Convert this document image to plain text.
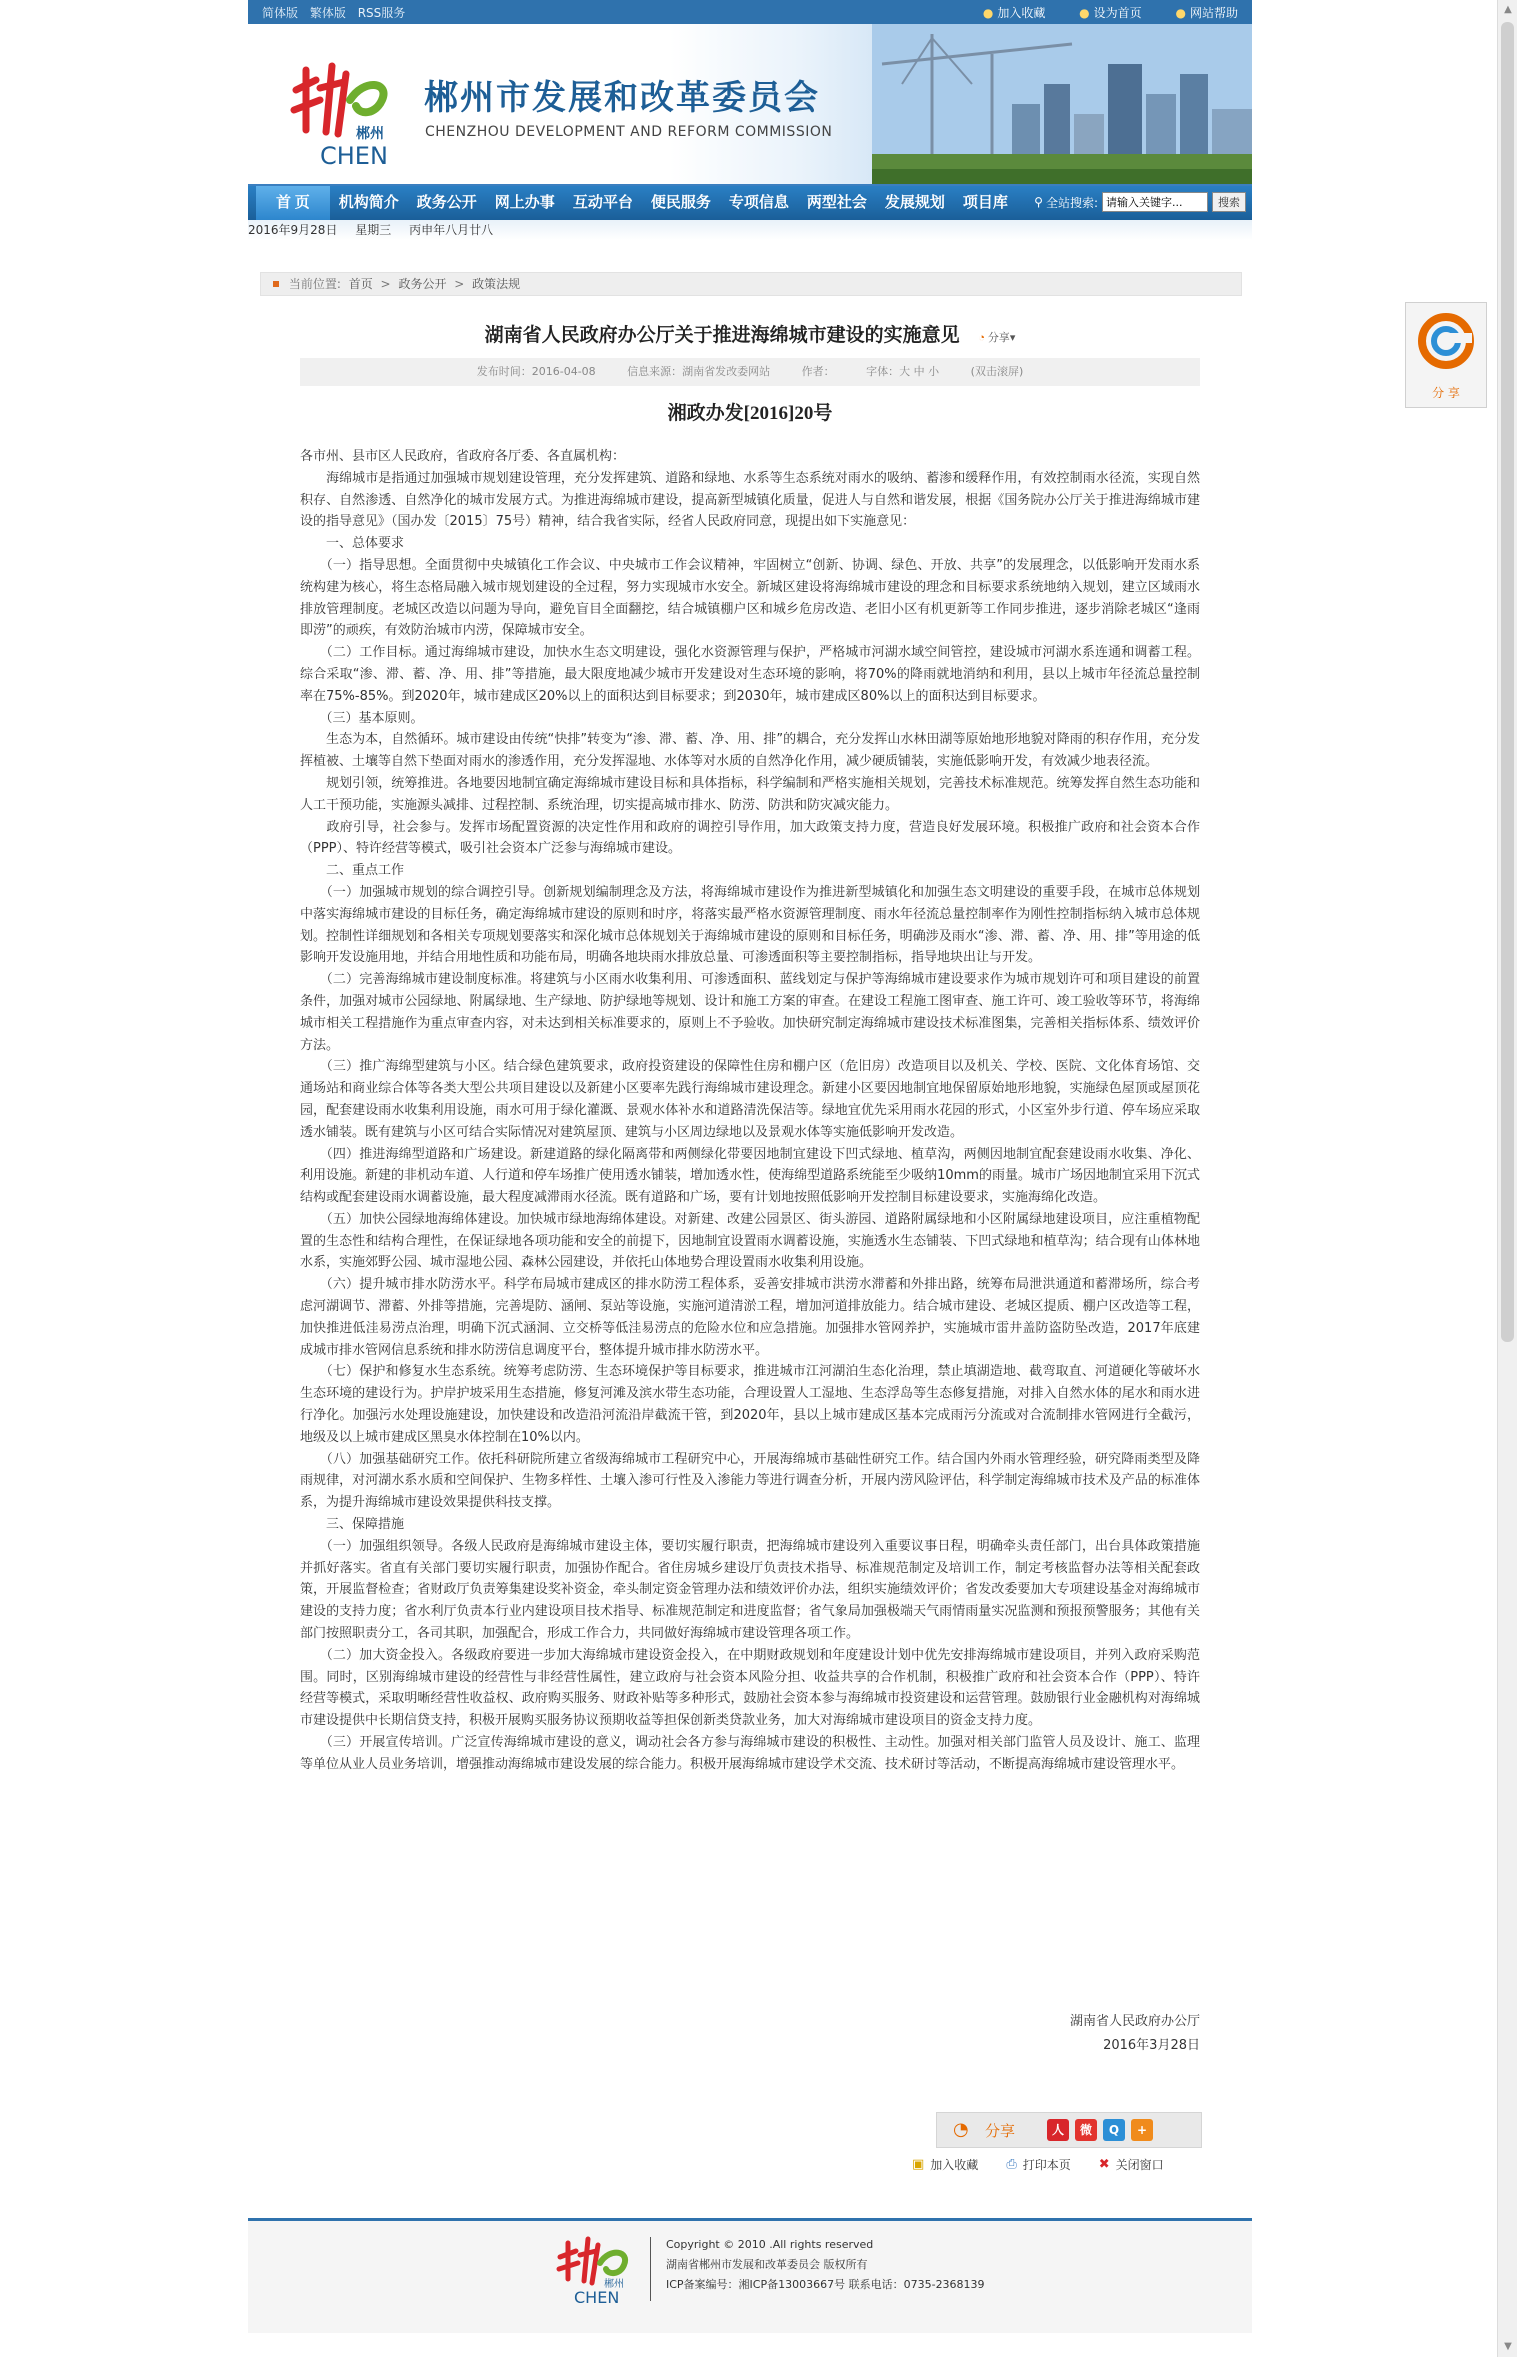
简体版 繁体版 RSS服务	● 加入收藏	● 设为首页	● 网站帮助
郴州
CHEN
郴州市发展和改革委员会
CHENZHOU DEVELOPMENT AND REFORM COMMISSION
首 页	机构简介	政务公开	网上办事	互动平台	便民服务	专项信息	两型社会	发展规划	项目库	⚲ 全站搜索:
请输入关键字...	搜索
2016年9月28日 星期三 丙申年八月廿八
当前位置: 首页 > 政务公开 > 政策法规
湖南省人民政府办公厅关于推进海绵城市建设的实施意见 ◔ 分享▾
发布时间：2016-04-08	信息来源：湖南省发改委网站	作者：	字体：大 中 小	(双击滚屏)
湘政办发[2016]20号

各市州、县市区人民政府，省政府各厅委、各直属机构：

　　海绵城市是指通过加强城市规划建设管理，充分发挥建筑、道路和绿地、水系等生态系统对雨水的吸纳、蓄渗和缓释作用，有效控制雨水径流，实现自然积存、自然渗透、自然净化的城市发展方式。为推进海绵城市建设，提高新型城镇化质量，促进人与自然和谐发展，根据《国务院办公厅关于推进海绵城市建设的指导意见》（国办发〔2015〕75号）精神，结合我省实际，经省人民政府同意，现提出如下实施意见：

　　一、总体要求

　　（一）指导思想。全面贯彻中央城镇化工作会议、中央城市工作会议精神，牢固树立“创新、协调、绿色、开放、共享”的发展理念，以低影响开发雨水系统构建为核心，将生态格局融入城市规划建设的全过程，努力实现城市水安全。新城区建设将海绵城市建设的理念和目标要求系统地纳入规划，建立区域雨水排放管理制度。老城区改造以问题为导向，避免盲目全面翻挖，结合城镇棚户区和城乡危房改造、老旧小区有机更新等工作同步推进，逐步消除老城区“逢雨即涝”的顽疾，有效防治城市内涝，保障城市安全。

　　（二）工作目标。通过海绵城市建设，加快水生态文明建设，强化水资源管理与保护，严格城市河湖水域空间管控，建设城市河湖水系连通和调蓄工程。综合采取“渗、滞、蓄、净、用、排”等措施，最大限度地减少城市开发建设对生态环境的影响，将70%的降雨就地消纳和利用，县以上城市年径流总量控制率在75%-85%。到2020年，城市建成区20%以上的面积达到目标要求；到2030年，城市建成区80%以上的面积达到目标要求。

　　（三）基本原则。

　　生态为本，自然循环。城市建设由传统“快排”转变为“渗、滞、蓄、净、用、排”的耦合，充分发挥山水林田湖等原始地形地貌对降雨的积存作用，充分发挥植被、土壤等自然下垫面对雨水的渗透作用，充分发挥湿地、水体等对水质的自然净化作用，减少硬质铺装，实施低影响开发，有效减少地表径流。

　　规划引领，统筹推进。各地要因地制宜确定海绵城市建设目标和具体指标，科学编制和严格实施相关规划，完善技术标准规范。统筹发挥自然生态功能和人工干预功能，实施源头减排、过程控制、系统治理，切实提高城市排水、防涝、防洪和防灾减灾能力。

　　政府引导，社会参与。发挥市场配置资源的决定性作用和政府的调控引导作用，加大政策支持力度，营造良好发展环境。积极推广政府和社会资本合作（PPP）、特许经营等模式，吸引社会资本广泛参与海绵城市建设。

　　二、重点工作

　　（一）加强城市规划的综合调控引导。创新规划编制理念及方法，将海绵城市建设作为推进新型城镇化和加强生态文明建设的重要手段，在城市总体规划中落实海绵城市建设的目标任务，确定海绵城市建设的原则和时序，将落实最严格水资源管理制度、雨水年径流总量控制率作为刚性控制指标纳入城市总体规划。控制性详细规划和各相关专项规划要落实和深化城市总体规划关于海绵城市建设的原则和目标任务，明确涉及雨水“渗、滞、蓄、净、用、排”等用途的低影响开发设施用地，并结合用地性质和功能布局，明确各地块雨水排放总量、可渗透面积等主要控制指标，指导地块出让与开发。

　　（二）完善海绵城市建设制度标准。将建筑与小区雨水收集利用、可渗透面积、蓝线划定与保护等海绵城市建设要求作为城市规划许可和项目建设的前置条件，加强对城市公园绿地、附属绿地、生产绿地、防护绿地等规划、设计和施工方案的审查。在建设工程施工图审查、施工许可、竣工验收等环节，将海绵城市相关工程措施作为重点审查内容，对未达到相关标准要求的，原则上不予验收。加快研究制定海绵城市建设技术标准图集，完善相关指标体系、绩效评价方法。

　　（三）推广海绵型建筑与小区。结合绿色建筑要求，政府投资建设的保障性住房和棚户区（危旧房）改造项目以及机关、学校、医院、文化体育场馆、交通场站和商业综合体等各类大型公共项目建设以及新建小区要率先践行海绵城市建设理念。新建小区要因地制宜地保留原始地形地貌，实施绿色屋顶或屋顶花园，配套建设雨水收集利用设施，雨水可用于绿化灌溉、景观水体补水和道路清洗保洁等。绿地宜优先采用雨水花园的形式，小区室外步行道、停车场应采取透水铺装。既有建筑与小区可结合实际情况对建筑屋顶、建筑与小区周边绿地以及景观水体等实施低影响开发改造。

　　（四）推进海绵型道路和广场建设。新建道路的绿化隔离带和两侧绿化带要因地制宜建设下凹式绿地、植草沟，两侧因地制宜配套建设雨水收集、净化、利用设施。新建的非机动车道、人行道和停车场推广使用透水铺装，增加透水性，使海绵型道路系统能至少吸纳10mm的雨量。城市广场因地制宜采用下沉式结构或配套建设雨水调蓄设施，最大程度减滞雨水径流。既有道路和广场，要有计划地按照低影响开发控制目标建设要求，实施海绵化改造。

　　（五）加快公园绿地海绵体建设。加快城市绿地海绵体建设。对新建、改建公园景区、街头游园、道路附属绿地和小区附属绿地建设项目，应注重植物配置的生态性和结构合理性，在保证绿地各项功能和安全的前提下，因地制宜设置雨水调蓄设施，实施透水生态铺装、下凹式绿地和植草沟；结合现有山体林地水系，实施郊野公园、城市湿地公园、森林公园建设，并依托山体地势合理设置雨水收集利用设施。

　　（六）提升城市排水防涝水平。科学布局城市建成区的排水防涝工程体系，妥善安排城市洪涝水滞蓄和外排出路，统筹布局泄洪通道和蓄滞场所，综合考虑河湖调节、滞蓄、外排等措施，完善堤防、涵闸、泵站等设施，实施河道清淤工程，增加河道排放能力。结合城市建设、老城区提质、棚户区改造等工程，加快推进低洼易涝点治理，明确下沉式涵洞、立交桥等低洼易涝点的危险水位和应急措施。加强排水管网养护，实施城市雷井盖防盗防坠改造，2017年底建成城市排水管网信息系统和排水防涝信息调度平台，整体提升城市排水防涝水平。

　　（七）保护和修复水生态系统。统筹考虑防涝、生态环境保护等目标要求，推进城市江河湖泊生态化治理，禁止填湖造地、截弯取直、河道硬化等破坏水生态环境的建设行为。护岸护坡采用生态措施，修复河滩及滨水带生态功能，合理设置人工湿地、生态浮岛等生态修复措施，对排入自然水体的尾水和雨水进行净化。加强污水处理设施建设，加快建设和改造沿河流沿岸截流干管，到2020年，县以上城市建成区基本完成雨污分流或对合流制排水管网进行全截污，地级及以上城市建成区黑臭水体控制在10%以内。

　　（八）加强基础研究工作。依托科研院所建立省级海绵城市工程研究中心，开展海绵城市基础性研究工作。结合国内外雨水管理经验，研究降雨类型及降雨规律，对河湖水系水质和空间保护、生物多样性、土壤入渗可行性及入渗能力等进行调查分析，开展内涝风险评估，科学制定海绵城市技术及产品的标准体系，为提升海绵城市建设效果提供科技支撑。

　　三、保障措施

　　（一）加强组织领导。各级人民政府是海绵城市建设主体，要切实履行职责，把海绵城市建设列入重要议事日程，明确牵头责任部门，出台具体政策措施并抓好落实。省直有关部门要切实履行职责，加强协作配合。省住房城乡建设厅负责技术指导、标准规范制定及培训工作，制定考核监督办法等相关配套政策，开展监督检查；省财政厅负责筹集建设奖补资金，牵头制定资金管理办法和绩效评价办法，组织实施绩效评价；省发改委要加大专项建设基金对海绵城市建设的支持力度；省水利厅负责本行业内建设项目技术指导、标准规范制定和进度监督；省气象局加强极端天气雨情雨量实况监测和预报预警服务；其他有关部门按照职责分工，各司其职，加强配合，形成工作合力，共同做好海绵城市建设管理各项工作。

　　（二）加大资金投入。各级政府要进一步加大海绵城市建设资金投入，在中期财政规划和年度建设计划中优先安排海绵城市建设项目，并列入政府采购范围。同时，区别海绵城市建设的经营性与非经营性属性，建立政府与社会资本风险分担、收益共享的合作机制，积极推广政府和社会资本合作（PPP）、特许经营等模式，采取明晰经营性收益权、政府购买服务、财政补贴等多种形式，鼓励社会资本参与海绵城市投资建设和运营管理。鼓励银行业金融机构对海绵城市建设提供中长期信贷支持，积极开展购买服务协议预期收益等担保创新类贷款业务，加大对海绵城市建设项目的资金支持力度。

　　（三）开展宣传培训。广泛宣传海绵城市建设的意义，调动社会各方参与海绵城市建设的积极性、主动性。加强对相关部门监管人员及设计、施工、监理等单位从业人员业务培训，增强推动海绵城市建设发展的综合能力。积极开展海绵城市建设学术交流、技术研讨等活动，不断提高海绵城市建设管理水平。

湖南省人民政府办公厅
2016年3月28日
◔ 分享	人	微	Q	+
▣ 加入收藏 ⎙ 打印本页 ✖ 关闭窗口
郴州
CHEN
Copyright © 2010 .All rights reserved
湖南省郴州市发展和改革委员会 版权所有
ICP备案编号：湘ICP备13003667号 联系电话：0735-2368139
分 享
▲
▼
